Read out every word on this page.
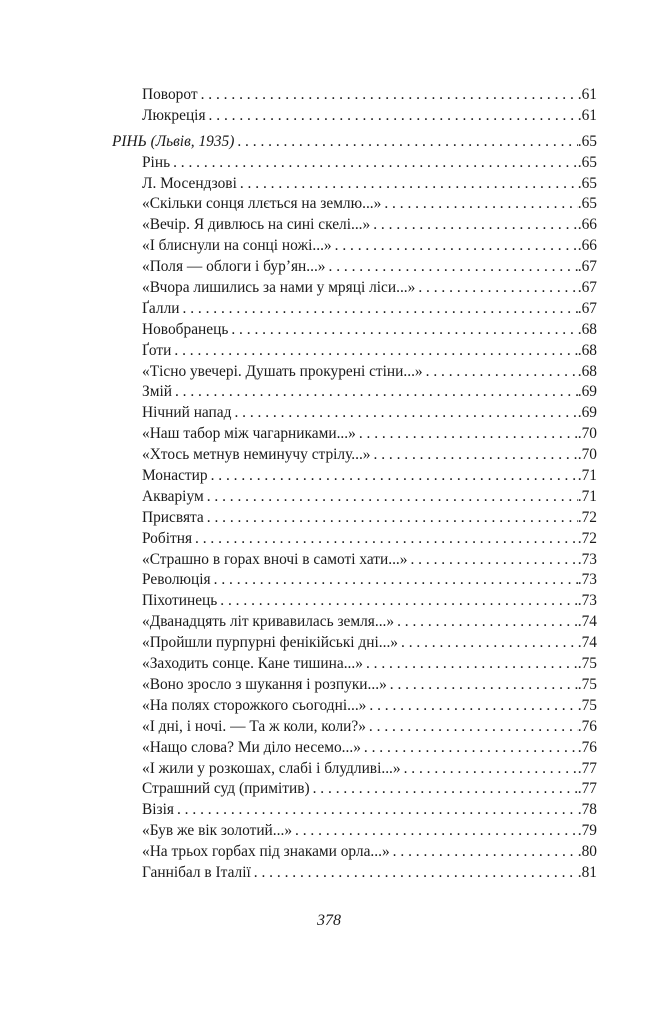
Поворот . . .	.61
Люкреція . . .	.61
РІНЬ (Львів, 1935) . . .	.65
Рінь . . .	.65
Л. Мосендзові . . .	.65
«Скільки сонця ллється на землю...» . . .	.65
«Вечір. Я дивлюсь на сині скелі...» . . .	.66
«І блиснули на сонці ножі...» . . .	.66
«Поля — облоги і бур’ян...» . . .	.67
«Вчора лишились за нами у мряці ліси...» . . .	.67
Ґалли . . .	.67
Новобранець . . .	.68
Ґоти . . .	.68
«Тісно увечері. Душать прокурені стіни...» . . .	.68
Змій . . .	.69
Нічний напад . . .	.69
«Наш табор між чагарниками...» . . .	.70
«Хтось метнув неминучу стрілу...» . . .	.70
Монастир . . .	.71
Акваріум . . .	.71
Присвята . . .	.72
Робітня . . .	.72
«Страшно в горах вночі в самоті хати...» . . .	.73
Революція . . .	.73
Піхотинець . . .	.73
«Дванадцять літ кривавилась земля...» . . .	.74
«Пройшли пурпурні фенікійські дні...» . . .	.74
«Заходить сонце. Кане тишина...» . . .	.75
«Воно зросло з шукання і розпуки...» . . .	.75
«На полях сторожкого сьогодні...» . . .	.75
«І дні, і ночі. — Та ж коли, коли?» . . .	.76
«Нащо слова? Ми діло несемо...» . . .	.76
«І жили у розкошах, слабі і блудливі...» . . .	.77
Страшний суд (примітив) . . .	.77
Візія . . .	.78
«Був же вік золотий...» . . .	.79
«На трьох горбах під знаками орла...» . . .	.80
Ганнібал в Італії . . .	.81
378
